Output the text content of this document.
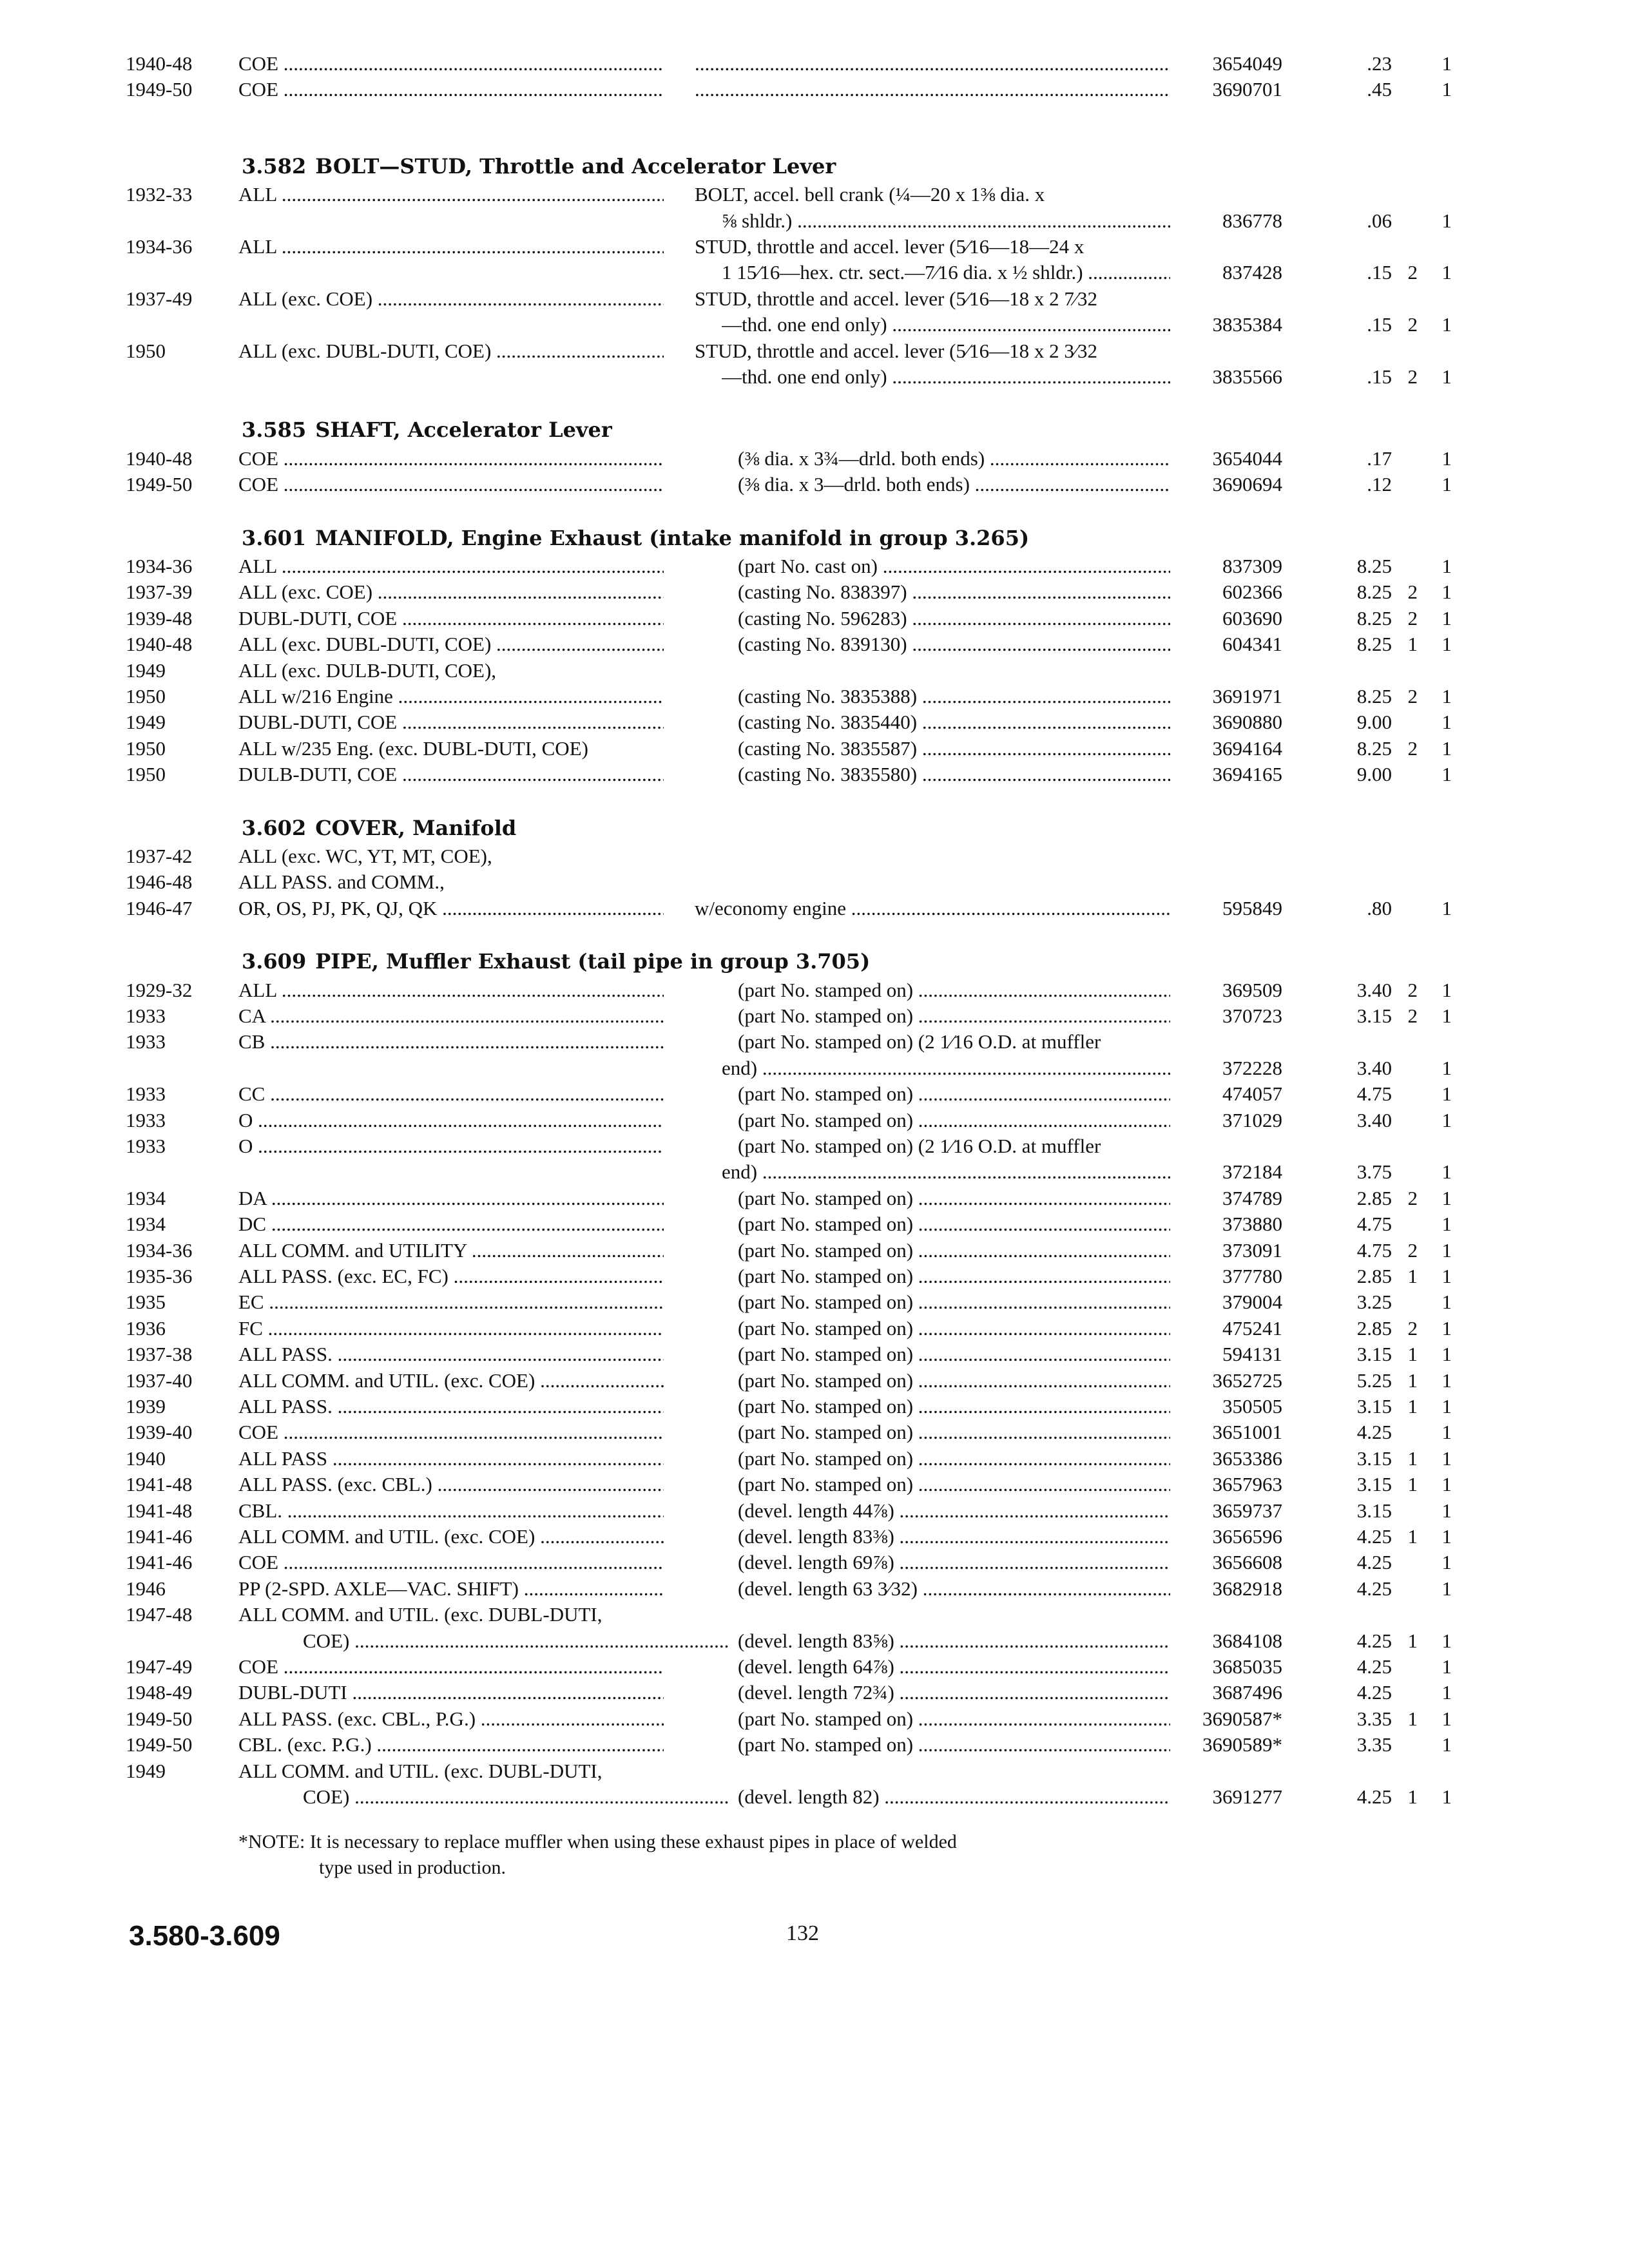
1940-48	COE ..... .....	3654049	.23	1
1949-50	COE ..... .....	3690701	.45	1
3.582 BOLT—STUD, Throttle and Accelerator Lever
1932-33	ALL .....	BOLT, accel. bell crank (¼—20 x 1⅜ dia. x
⅝ shldr.) .....	836778	.06	1
1934-36	ALL .....	STUD, throttle and accel. lever (5⁄16—18—24 x
1 15⁄16—hex. ctr. sect.—7⁄16 dia. x ½ shldr.) .....	837428	.15 2	1
1937-49	ALL (exc. COE) .....	STUD, throttle and accel. lever (5⁄16—18 x 2 7⁄32
—thd. one end only) .....	3835384	.15 2	1
1950	ALL (exc. DUBL-DUTI, COE) .....	STUD, throttle and accel. lever (5⁄16—18 x 2 3⁄32
—thd. one end only) .....	3835566	.15 2	1
3.585 SHAFT, Accelerator Lever
1940-48	COE .....	(⅜ dia. x 3¾—drld. both ends) .....	3654044	.17	1
1949-50	COE .....	(⅜ dia. x 3—drld. both ends) .....	3690694	.12	1
3.601 MANIFOLD, Engine Exhaust (intake manifold in group 3.265)
1934-36	ALL .....	(part No. cast on) .....	837309	8.25	1
1937-39	ALL (exc. COE) .....	(casting No. 838397) .....	602366	8.25 2	1
1939-48	DUBL-DUTI, COE .....	(casting No. 596283) .....	603690	8.25 2	1
1940-48	ALL (exc. DUBL-DUTI, COE) .....	(casting No. 839130) .....	604341	8.25 1	1
1949	ALL (exc. DULB-DUTI, COE),
1950	ALL w/216 Engine .....	(casting No. 3835388) .....	3691971	8.25 2	1
1949	DUBL-DUTI, COE .....	(casting No. 3835440) .....	3690880	9.00	1
1950	ALL w/235 Eng. (exc. DUBL-DUTI, COE)	(casting No. 3835587) .....	3694164	8.25 2	1
1950	DULB-DUTI, COE .....	(casting No. 3835580) .....	3694165	9.00	1
3.602 COVER, Manifold
1937-42	ALL (exc. WC, YT, MT, COE),
1946-48	ALL PASS. and COMM.,
1946-47	OR, OS, PJ, PK, QJ, QK .....	w/economy engine .....	595849	.80	1
3.609 PIPE, Muffler Exhaust (tail pipe in group 3.705)
1929-32	ALL .....	(part No. stamped on) .....	369509	3.40 2	1
1933	CA .....	(part No. stamped on) .....	370723	3.15 2	1
1933	CB .....	(part No. stamped on) (2 1⁄16 O.D. at muffler
end) .....	372228	3.40	1
1933	CC .....	(part No. stamped on) .....	474057	4.75	1
1933	O .....	(part No. stamped on) .....	371029	3.40	1
1933	O .....	(part No. stamped on) (2 1⁄16 O.D. at muffler
end) .....	372184	3.75	1
1934	DA .....	(part No. stamped on) .....	374789	2.85 2	1
1934	DC .....	(part No. stamped on) .....	373880	4.75	1
1934-36	ALL COMM. and UTILITY .....	(part No. stamped on) .....	373091	4.75 2	1
1935-36	ALL PASS. (exc. EC, FC) .....	(part No. stamped on) .....	377780	2.85 1	1
1935	EC .....	(part No. stamped on) .....	379004	3.25	1
1936	FC .....	(part No. stamped on) .....	475241	2.85 2	1
1937-38	ALL PASS. .....	(part No. stamped on) .....	594131	3.15 1	1
1937-40	ALL COMM. and UTIL. (exc. COE) .....	(part No. stamped on) .....	3652725	5.25 1	1
1939	ALL PASS. .....	(part No. stamped on) .....	350505	3.15 1	1
1939-40	COE .....	(part No. stamped on) .....	3651001	4.25	1
1940	ALL PASS .....	(part No. stamped on) .....	3653386	3.15 1	1
1941-48	ALL PASS. (exc. CBL.) .....	(part No. stamped on) .....	3657963	3.15 1	1
1941-48	CBL. .....	(devel. length 44⅞) .....	3659737	3.15	1
1941-46	ALL COMM. and UTIL. (exc. COE) .....	(devel. length 83⅜) .....	3656596	4.25 1	1
1941-46	COE .....	(devel. length 69⅞) .....	3656608	4.25	1
1946	PP (2-SPD. AXLE—VAC. SHIFT) .....	(devel. length 63 3⁄32) .....	3682918	4.25	1
1947-48	ALL COMM. and UTIL. (exc. DUBL-DUTI,
COE) .....	(devel. length 83⅝) .....	3684108	4.25 1	1
1947-49	COE .....	(devel. length 64⅞) .....	3685035	4.25	1
1948-49	DUBL-DUTI .....	(devel. length 72¾) .....	3687496	4.25	1
1949-50	ALL PASS. (exc. CBL., P.G.) .....	(part No. stamped on) .....	3690587*	3.35 1	1
1949-50	CBL. (exc. P.G.) .....	(part No. stamped on) .....	3690589*	3.35	1
1949	ALL COMM. and UTIL. (exc. DUBL-DUTI,
COE) .....	(devel. length 82) .....	3691277	4.25 1	1
*NOTE: It is necessary to replace muffler when using these exhaust pipes in place of welded
type used in production.
3.580-3.609	132
